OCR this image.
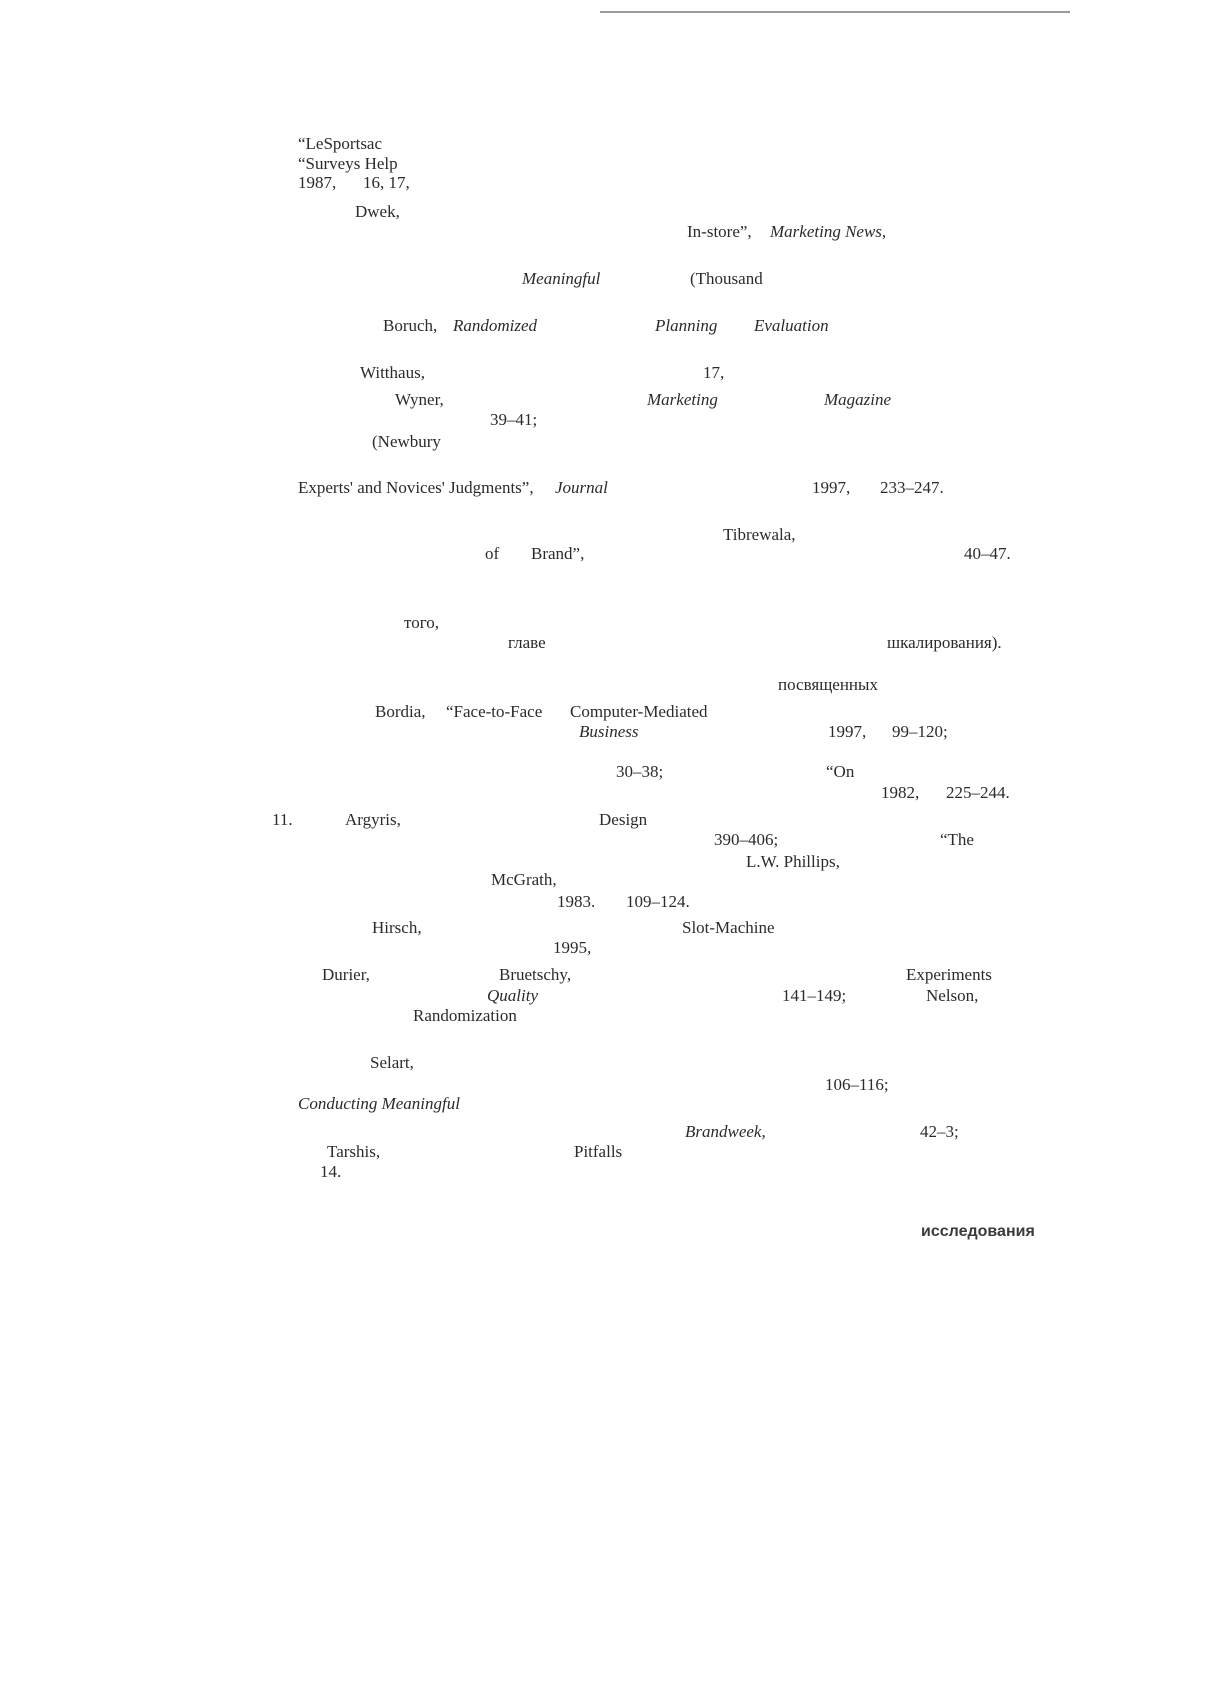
“LeSportsac
“Surveys Help
1987, 16, 17,
Dwek,
In-store”, Marketing News,
Meaningful	(Thousand
Boruch, Randomized	Planning Evaluation
Witthaus,	17,
Wyner,	Marketing	Magazine
39–41;
(Newbury
Experts' and Novices' Judgments”, Journal	1997, 233–247.
Tibrewala,
of Brand”,	40–47.
того,
главе	шкалирования).
посвященных
Bordia, “Face-to-Face Computer-Mediated
Business	1997, 99–120;
30–38;	“On
1982, 225–244.
11.	Argyris,	Design
390–406;	“The
L.W. Phillips,
McGrath,
1983. 109–124.
Hirsch,	Slot-Machine
1995,
Durier,	Bruetschy,	Experiments
Quality	141–149;	Nelson,
Randomization
Selart,
106–116;
Conducting Meaningful
Brandweek,	42–3;
Tarshis,	Pitfalls
14.
исследования
